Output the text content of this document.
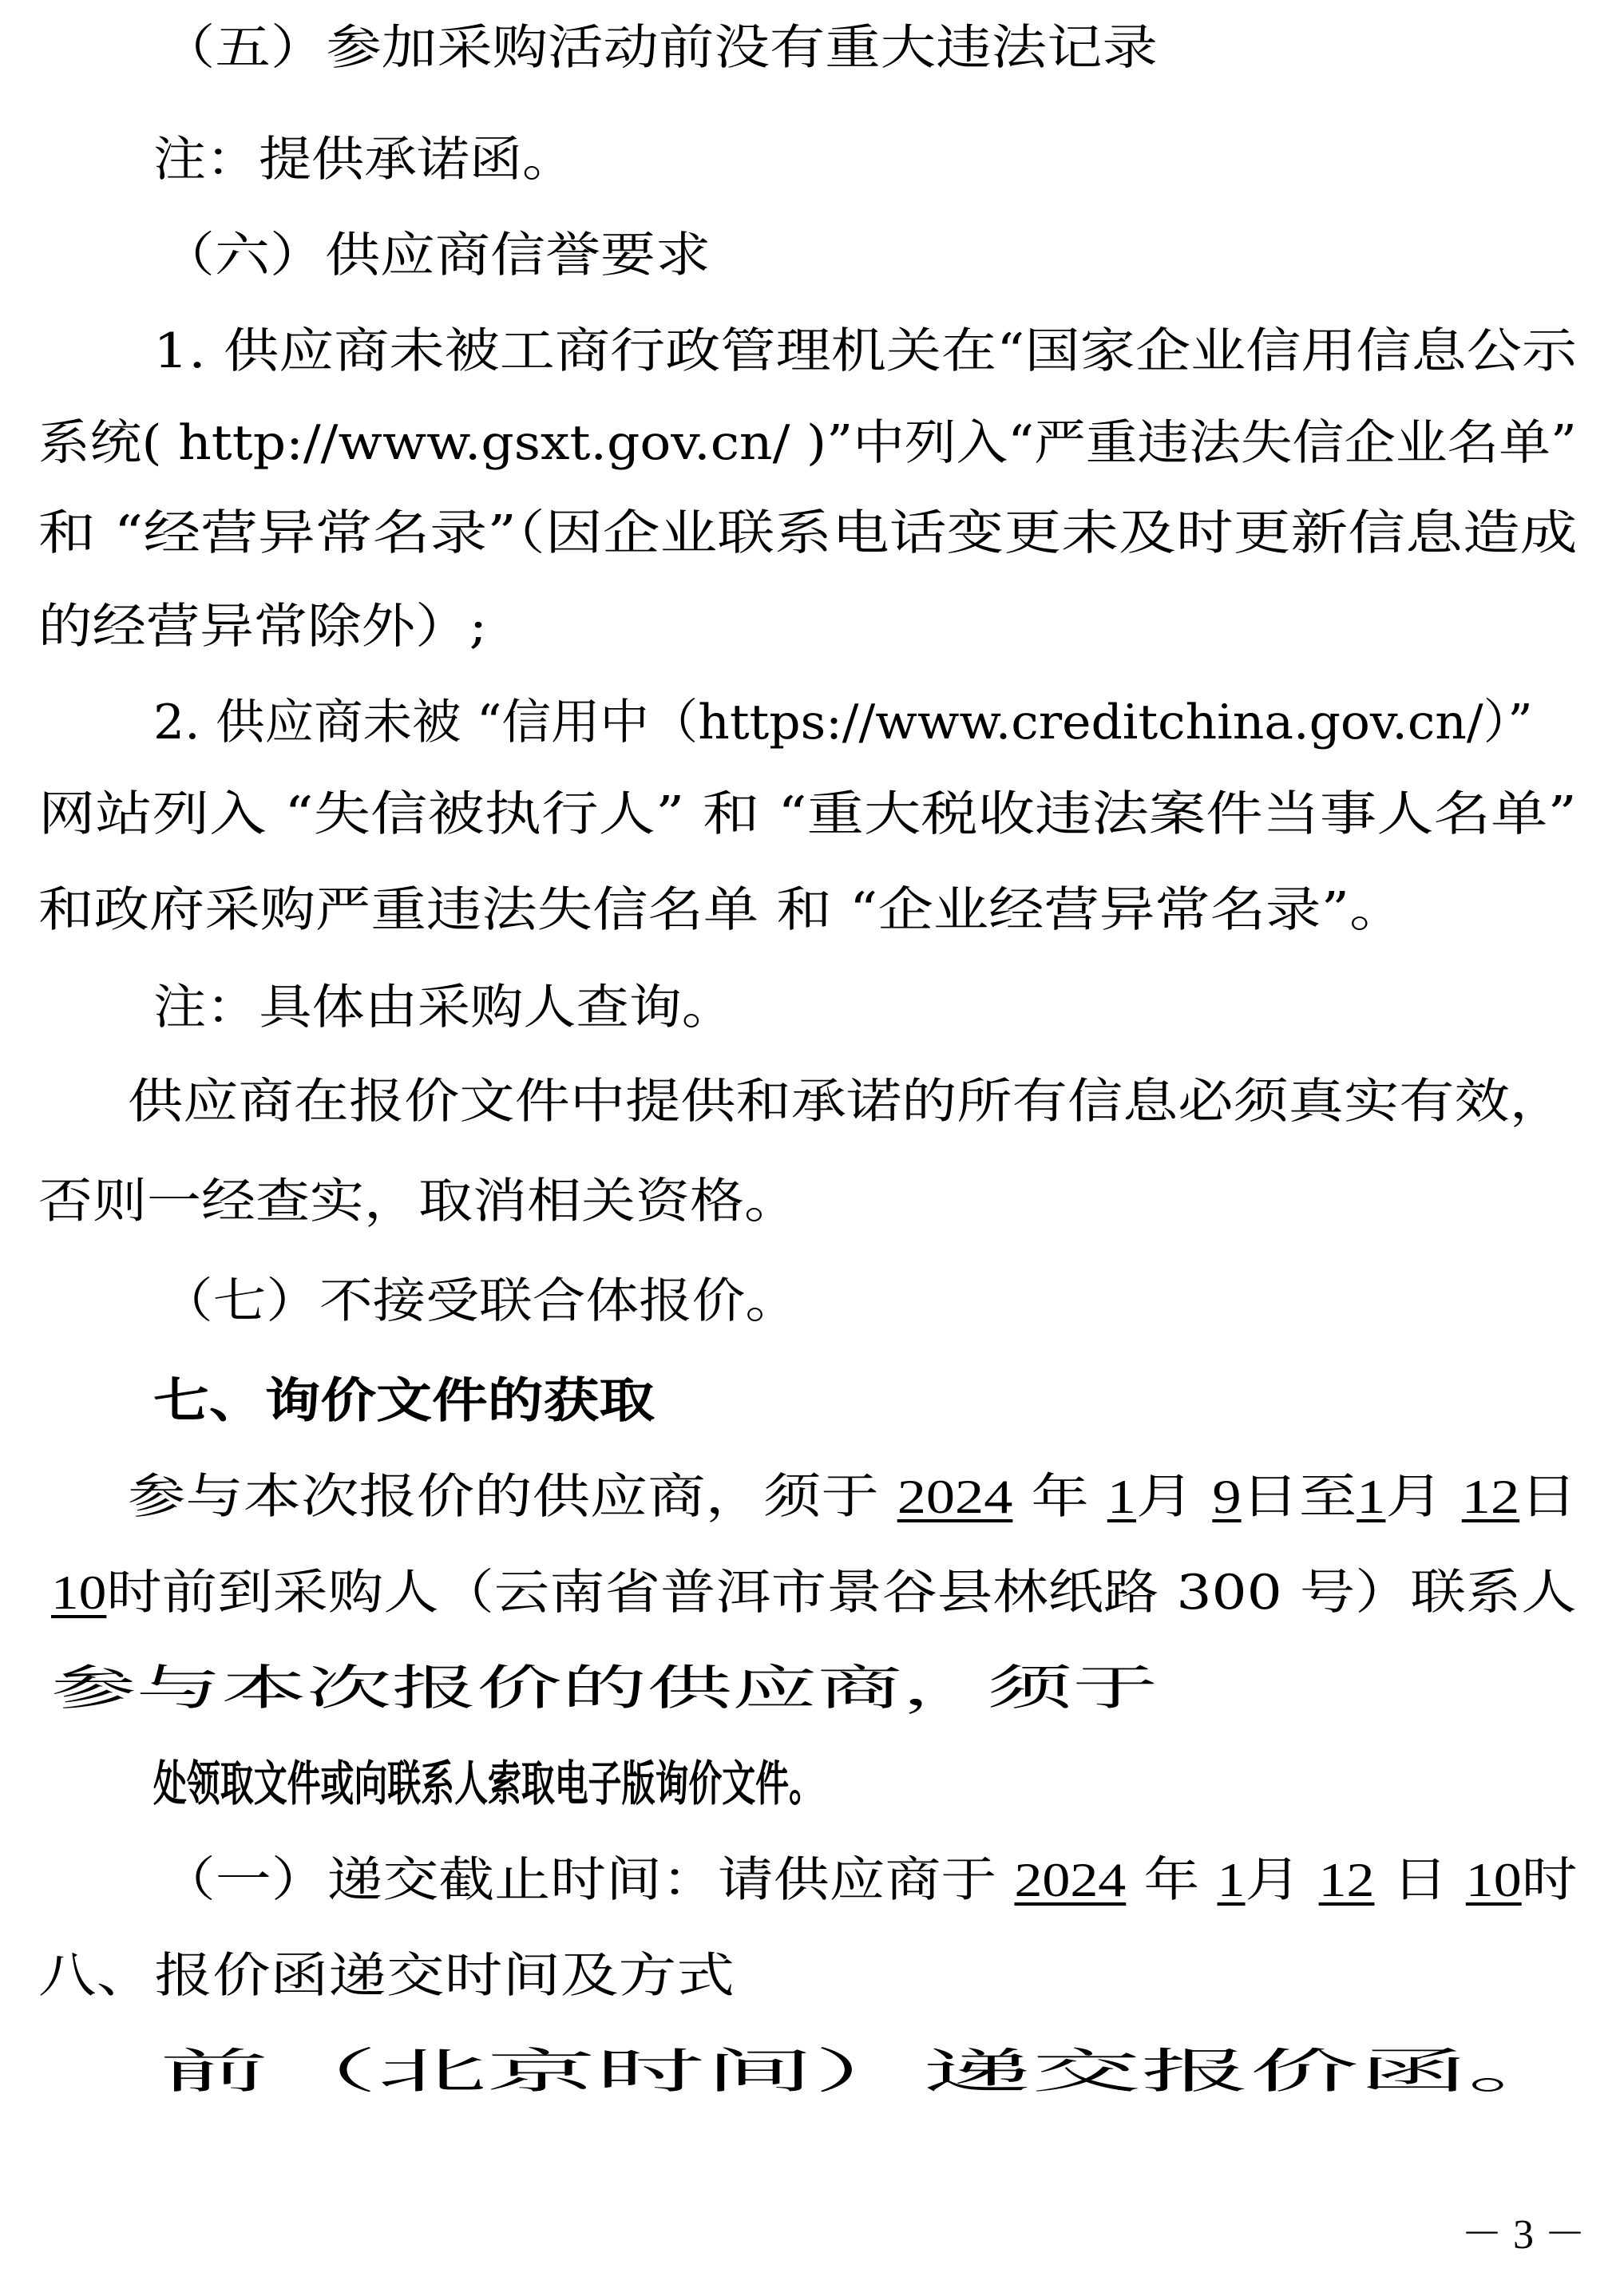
（五）参加采购活动前没有重大违法记录
注：提供承诺函。
（六）供应商信誉要求
1. 供应商未被工商行政管理机关在“国家企业信用信息公示
系统( http://www.gsxt.gov.cn/ )”中列入“严重违法失信企业名单”
和 “经营异常名录”（因企业联系电话变更未及时更新信息造成
的经营异常除外）;
2. 供应商未被 “信用中（https://www.creditchina.gov.cn/）”
网站列入 “失信被执行人” 和 “重大税收违法案件当事人名单”
和政府采购严重违法失信名单 和 “企业经营异常名录”。
注：具体由采购人查询。
供应商在报价文件中提供和承诺的所有信息必须真实有效，
否则一经查实，取消相关资格。
（七）不接受联合体报价。
七、询价文件的获取
参与本次报价的供应商，须于 2024 年 1月 9日至1月 12日
10时前到采购人（云南省普洱市景谷县林纸路 300 号）联系人
参与本次报价的供应商，须于
处领取文件或向联系人索取电子版询价文件。
（一）递交截止时间：请供应商于 2024 年 1月 12 日 10时
八、报价函递交时间及方式
前（北京时间）递交报价函。
－ 3 －
